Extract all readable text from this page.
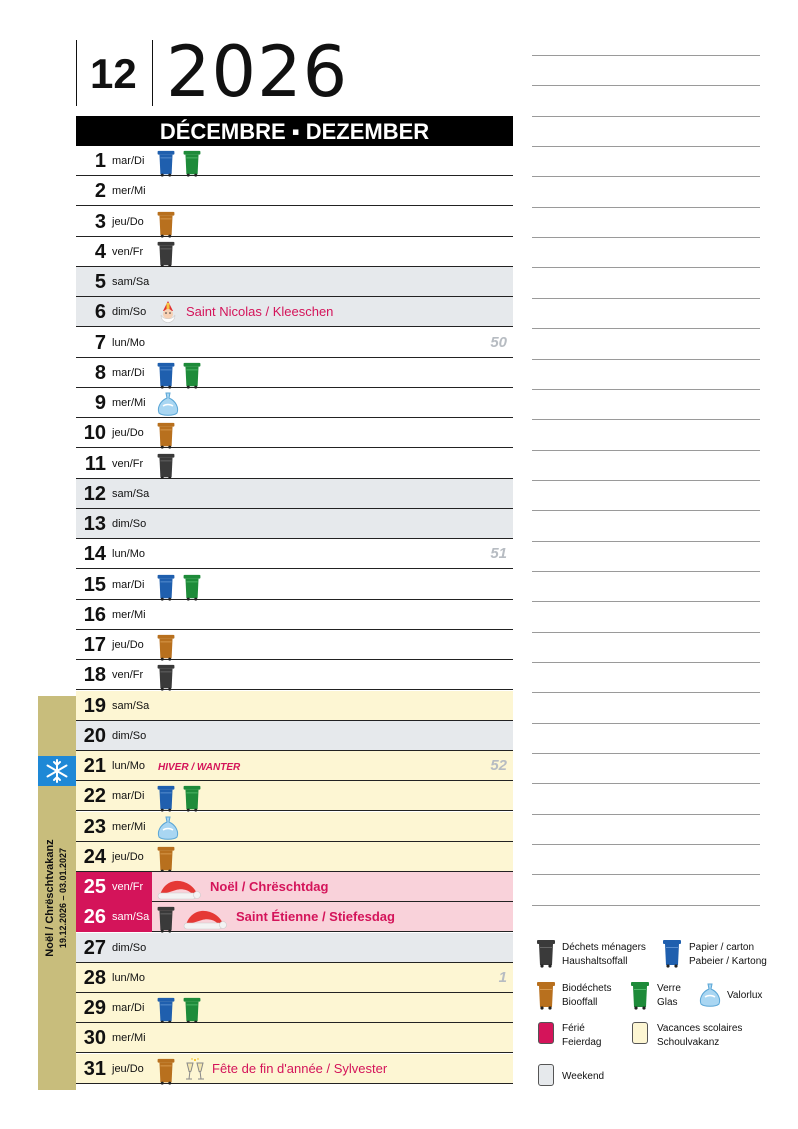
12 2026
DÉCEMBRE ▪ DEZEMBER
Noël / Chrëschtvakanz 19.12.2026 – 03.01.2027
1 mar/Di
2 mer/Mi
3 jeu/Do
4 ven/Fr
5 sam/Sa
6 dim/So	Saint Nicolas / Kleeschen
7 lun/Mo	50
8 mar/Di
9 mer/Mi
10 jeu/Do
11 ven/Fr
12 sam/Sa
13 dim/So
14 lun/Mo	51
15 mar/Di
16 mer/Mi
17 jeu/Do
18 ven/Fr
19 sam/Sa
20 dim/So
21 lun/Mo HIVER / WANTER	52
22 mar/Di
23 mer/Mi
24 jeu/Do
25 ven/Fr	Noël / Chrëschtdag
26 sam/Sa	Saint Étienne / Stiefesdag
27 dim/So
28 lun/Mo	1
29 mar/Di
30 mer/Mi
31 jeu/Do	Fête de fin d'année / Sylvester
Déchets ménagers
Haushaltsoffall
Papier / carton
Pabeier / Kartong
Biodéchets
Biooffall
Verre
Glas
Valorlux
Férié
Feierdag
Vacances scolaires
Schoulvakanz
Weekend
